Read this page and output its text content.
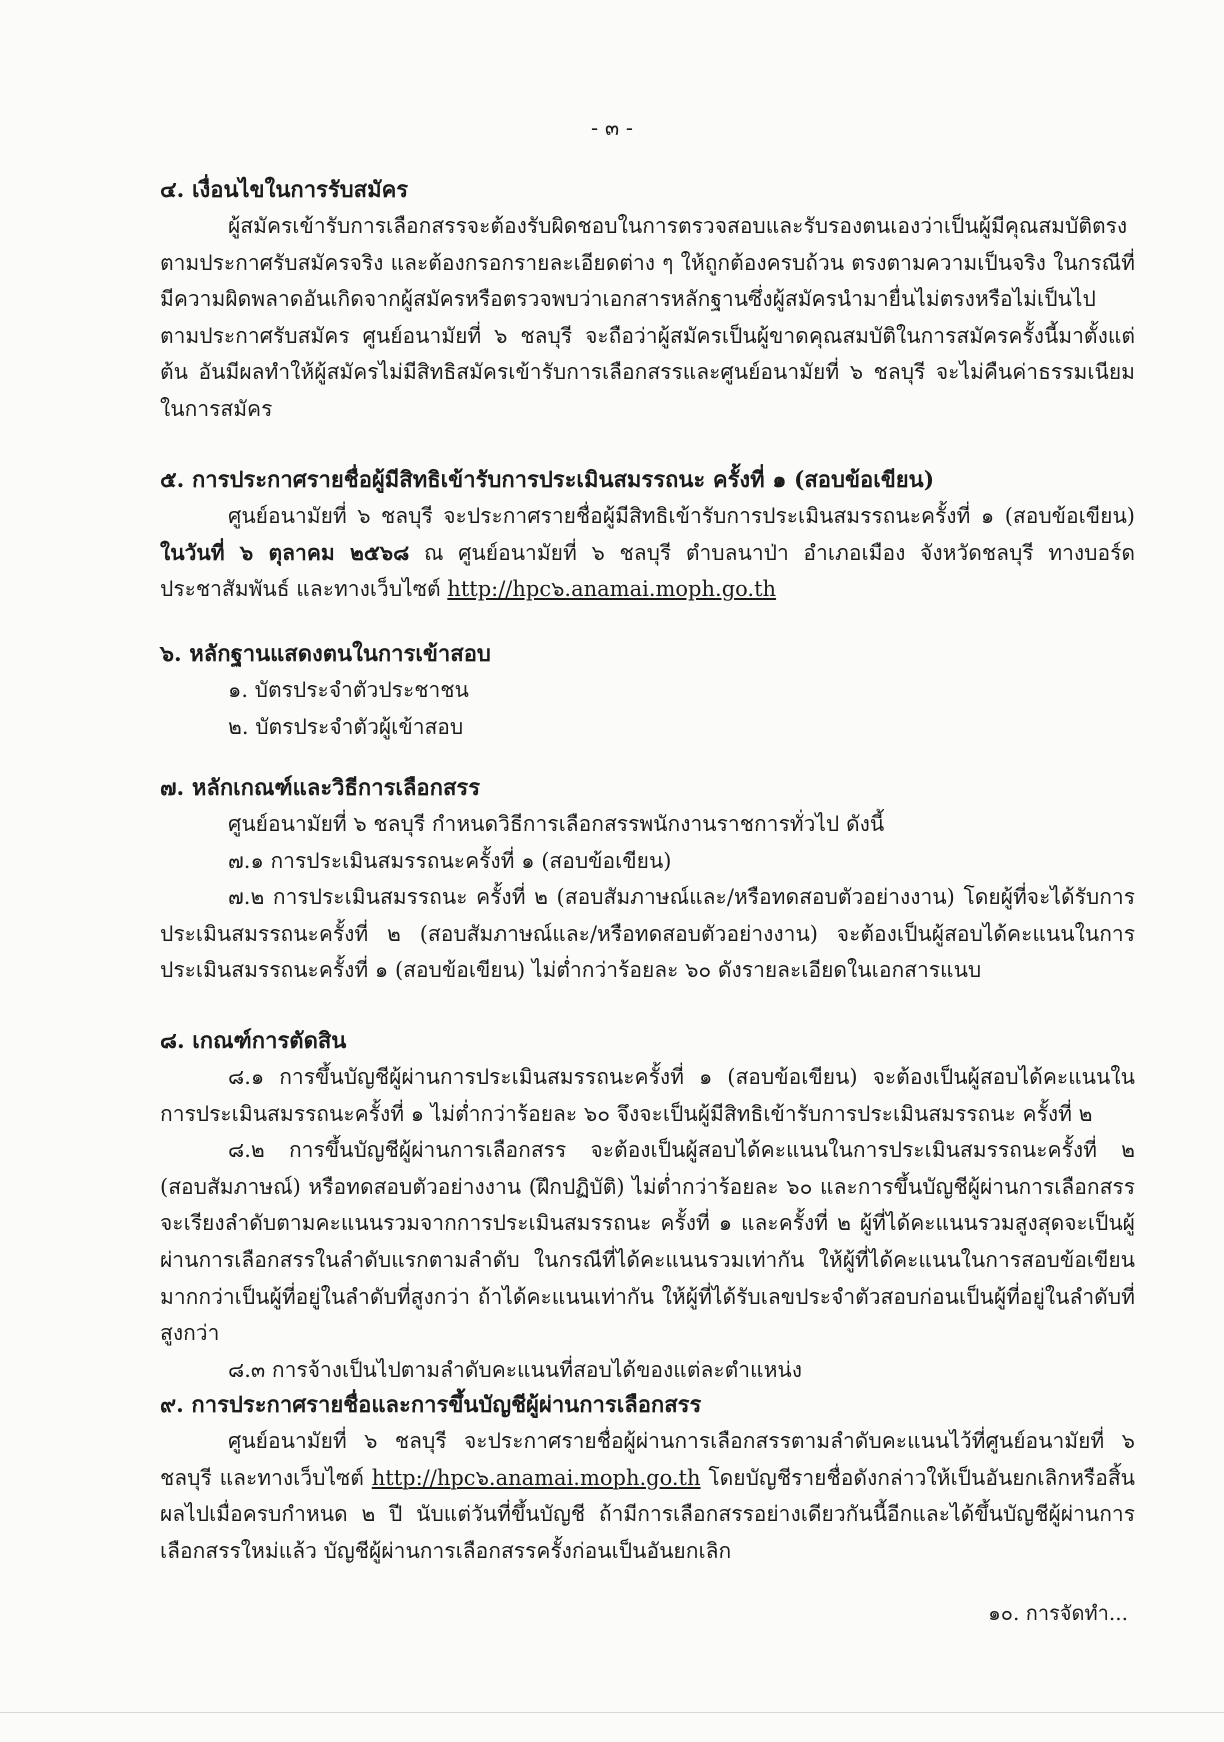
- ๓ -
๔. เงื่อนไขในการรับสมัคร
ผู้สมัครเข้ารับการเลือกสรรจะต้องรับผิดชอบในการตรวจสอบและรับรองตนเองว่าเป็นผู้มีคุณสมบัติตรงตามประกาศรับสมัครจริง และต้องกรอกรายละเอียดต่าง ๆ ให้ถูกต้องครบถ้วน ตรงตามความเป็นจริง ในกรณีที่มีความผิดพลาดอันเกิดจากผู้สมัครหรือตรวจพบว่าเอกสารหลักฐานซึ่งผู้สมัครนำมายื่นไม่ตรงหรือไม่เป็นไปตามประกาศรับสมัคร ศูนย์อนามัยที่ ๖ ชลบุรี จะถือว่าผู้สมัครเป็นผู้ขาดคุณสมบัติในการสมัครครั้งนี้มาตั้งแต่ต้น อันมีผลทำให้ผู้สมัครไม่มีสิทธิสมัครเข้ารับการเลือกสรรและศูนย์อนามัยที่ ๖ ชลบุรี จะไม่คืนค่าธรรมเนียมในการสมัคร
๕. การประกาศรายชื่อผู้มีสิทธิเข้ารับการประเมินสมรรถนะ ครั้งที่ ๑ (สอบข้อเขียน)
ศูนย์อนามัยที่ ๖ ชลบุรี จะประกาศรายชื่อผู้มีสิทธิเข้ารับการประเมินสมรรถนะครั้งที่ ๑ (สอบข้อเขียน) ในวันที่ ๖ ตุลาคม ๒๕๖๘ ณ ศูนย์อนามัยที่ ๖ ชลบุรี ตำบลนาป่า อำเภอเมือง จังหวัดชลบุรี ทางบอร์ดประชาสัมพันธ์ และทางเว็บไซต์ http://hpc๖.anamai.moph.go.th
๖. หลักฐานแสดงตนในการเข้าสอบ
๑. บัตรประจำตัวประชาชน
๒. บัตรประจำตัวผู้เข้าสอบ
๗. หลักเกณฑ์และวิธีการเลือกสรร
ศูนย์อนามัยที่ ๖ ชลบุรี กำหนดวิธีการเลือกสรรพนักงานราชการทั่วไป ดังนี้
๗.๑ การประเมินสมรรถนะครั้งที่ ๑ (สอบข้อเขียน)
๗.๒ การประเมินสมรรถนะ ครั้งที่ ๒ (สอบสัมภาษณ์และ/หรือทดสอบตัวอย่างงาน) โดยผู้ที่จะได้รับการประเมินสมรรถนะครั้งที่ ๒ (สอบสัมภาษณ์และ/หรือทดสอบตัวอย่างงาน) จะต้องเป็นผู้สอบได้คะแนนในการประเมินสมรรถนะครั้งที่ ๑ (สอบข้อเขียน) ไม่ต่ำกว่าร้อยละ ๖๐ ดังรายละเอียดในเอกสารแนบ
๘. เกณฑ์การตัดสิน
๘.๑ การขึ้นบัญชีผู้ผ่านการประเมินสมรรถนะครั้งที่ ๑ (สอบข้อเขียน) จะต้องเป็นผู้สอบได้คะแนนในการประเมินสมรรถนะครั้งที่ ๑ ไม่ต่ำกว่าร้อยละ ๖๐ จึงจะเป็นผู้มีสิทธิเข้ารับการประเมินสมรรถนะ ครั้งที่ ๒
๘.๒ การขึ้นบัญชีผู้ผ่านการเลือกสรร จะต้องเป็นผู้สอบได้คะแนนในการประเมินสมรรถนะครั้งที่ ๒ (สอบสัมภาษณ์) หรือทดสอบตัวอย่างงาน (ฝึกปฏิบัติ) ไม่ต่ำกว่าร้อยละ ๖๐ และการขึ้นบัญชีผู้ผ่านการเลือกสรร จะเรียงลำดับตามคะแนนรวมจากการประเมินสมรรถนะ ครั้งที่ ๑ และครั้งที่ ๒ ผู้ที่ได้คะแนนรวมสูงสุดจะเป็นผู้ผ่านการเลือกสรรในลำดับแรกตามลำดับ ในกรณีที่ได้คะแนนรวมเท่ากัน ให้ผู้ที่ได้คะแนนในการสอบข้อเขียนมากกว่าเป็นผู้ที่อยู่ในลำดับที่สูงกว่า ถ้าได้คะแนนเท่ากัน ให้ผู้ที่ได้รับเลขประจำตัวสอบก่อนเป็นผู้ที่อยู่ในลำดับที่สูงกว่า
๘.๓ การจ้างเป็นไปตามลำดับคะแนนที่สอบได้ของแต่ละตำแหน่ง
๙. การประกาศรายชื่อและการขึ้นบัญชีผู้ผ่านการเลือกสรร
ศูนย์อนามัยที่ ๖ ชลบุรี จะประกาศรายชื่อผู้ผ่านการเลือกสรรตามลำดับคะแนนไว้ที่ศูนย์อนามัยที่ ๖ ชลบุรี และทางเว็บไซต์ http://hpc๖.anamai.moph.go.th โดยบัญชีรายชื่อดังกล่าวให้เป็นอันยกเลิกหรือสิ้นผลไปเมื่อครบกำหนด ๒ ปี นับแต่วันที่ขึ้นบัญชี ถ้ามีการเลือกสรรอย่างเดียวกันนี้อีกและได้ขึ้นบัญชีผู้ผ่านการเลือกสรรใหม่แล้ว บัญชีผู้ผ่านการเลือกสรรครั้งก่อนเป็นอันยกเลิก
๑๐. การจัดทำ...
